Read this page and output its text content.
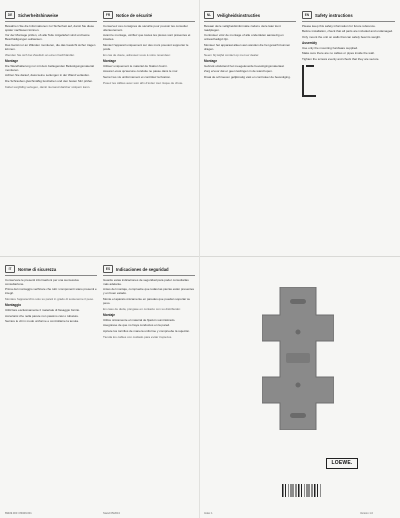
DE	Sicherheitshinweise

Bewahren Sie die Informationen zur Sicherheit auf, damit Sie diese später nachlesen können.

Vor der Montage prüfen, ob alle Teile mitgeliefert sind und keine Beschädigungen aufweisen.

Das Gerät nur an Wänden montieren, die das Gewicht sicher tragen können.

Wenden Sie sich bei Zweifeln an einen Fachhändler.

Montage

Die Wandhalterung nur mit dem beiliegenden Befestigungsmaterial montieren.

Achten Sie darauf, dass keine Leitungen in der Wand verlaufen.

Die Schrauben gleichmäßig festziehen und den festen Sitz prüfen.

Kabel sorgfältig verlegen, damit niemand darüber stolpern kann.

FR	Notice de sécurité

Conservez ces consignes de sécurité pour pouvoir les consulter ultérieurement.

Avant le montage, vérifiez que toutes les pièces sont présentes et intactes.

Montez l'appareil uniquement sur des murs pouvant supporter le poids.

En cas de doute, adressez-vous à votre revendeur.

Montage

Utilisez uniquement le matériel de fixation fourni.

Assurez-vous qu'aucune conduite ne passe dans le mur.

Serrez les vis uniformément et contrôlez la fixation.

Posez les câbles avec soin afin d'éviter tout risque de chute.

NL	Veiligheidsinstructies

Bewaar deze veiligheidsinformatie zodat u deze later kunt raadplegen.

Controleer vóór de montage of alle onderdelen aanwezig en onbeschadigd zijn.

Monteer het apparaat alleen aan wanden die het gewicht kunnen dragen.

Neem bij twijfel contact op met uw dealer.

Montage

Gebruik uitsluitend het meegeleverde bevestigingsmateriaal.

Zorg ervoor dat er geen leidingen in de wand lopen.

Draai de schroeven gelijkmatig vast en controleer de bevestiging.

EN	Safety instructions

Please keep this safety information for future reference.

Before installation, check that all parts are included and undamaged.

Only mount the unit on walls that can safely bear its weight.

Assembly

Use only the mounting hardware supplied.

Make sure there are no cables or pipes inside the wall.

Tighten the screws evenly and check that they are secure.

IT	Norme di sicurezza

Conservare le presenti informazioni per una successiva consultazione.

Prima del montaggio verificare che tutti i componenti siano presenti e integri.

Montare l'apparecchio solo su pareti in grado di sostenerne il peso.

Montaggio

Utilizzare esclusivamente il materiale di fissaggio fornito.

Accertarsi che nella parete non passino cavi o tubature.

Serrare le viti in modo uniforme e controllarne la tenuta.

ES	Indicaciones de seguridad

Guarde estas indicaciones de seguridad para poder consultarlas más adelante.

Antes del montaje, compruebe que todas las piezas estén presentes y en buen estado.

Monte el aparato únicamente en paredes que puedan soportar su peso.

En caso de duda, póngase en contacto con su distribuidor.

Montaje

Utilice únicamente el material de fijación suministrado.

Asegúrese de que no haya conductos en la pared.

Apriete los tornillos de manera uniforme y compruebe la sujeción.

Tienda los cables con cuidado para evitar tropiezos.

LOEWE.
89409.000 / 89409.001	Stand 05/2013	Index 1	Version 1.0
